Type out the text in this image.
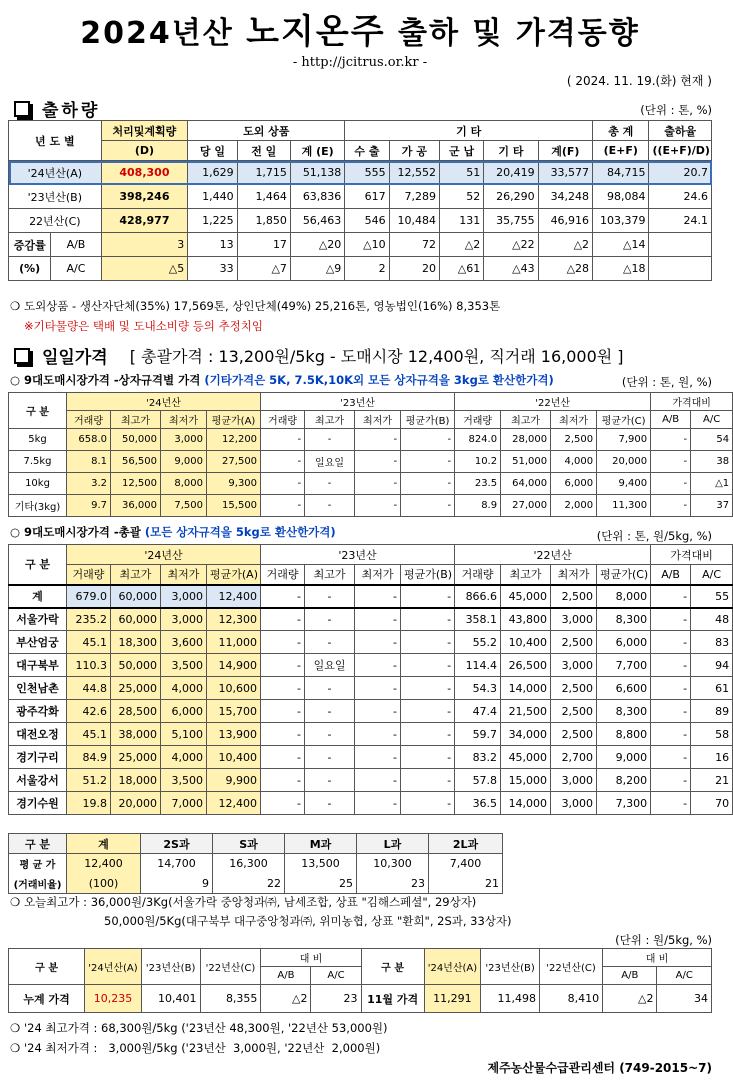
2024년산 노지온주 출하 및 가격동향
- http://jcitrus.or.kr -
( 2024. 11. 19.(화) 현재 )
출하량	(단위 : 톤, %)
년 도 별		처리및계획량	도외 상품			기 타					총 계	출하율
		(D)	당 일	전 일	계 (E)	수 출	가 공	군 납	기 타	계(F)	(E+F)	((E+F)/D)
'24년산(A)		408,300	1,629	1,715	51,138	555	12,552	51	20,419	33,577	84,715	20.7
'23년산(B)		398,246	1,440	1,464	63,836	617	7,289	52	26,290	34,248	98,084	24.6
22년산(C)		428,977	1,225	1,850	56,463	546	10,484	131	35,755	46,916	103,379	24.1
증감률	A/B	3	13	17	△20	△10	72	△2	△22	△2	△14	
(%)	A/C	△5	33	△7	△9	2	20	△61	△43	△28	△18	
❍ 도외상품 - 생산자단체(35%) 17,569톤, 상인단체(49%) 25,216톤, 영농법인(16%) 8,353톤
※기타물량은 택배 및 도내소비량 등의 추정치임
일일가격 [ 총괄가격 : 13,200원/5kg - 도매시장 12,400원, 직거래 16,000원 ]
○ 9대도매시장가격 -상자규격별 가격 (기타가격은 5K, 7.5K,10K외 모든 상자규격을 3kg로 환산한가격)	(단위 : 톤, 원, %)
구 분	'24년산				'23년산				'22년산				가격대비	
	거래량	최고가	최저가	평균가(A)	거래량	최고가	최저가	평균가(B)	거래량	최고가	최저가	평균가(C)	A/B	A/C
5kg	658.0	50,000	3,000	12,200	-	-	-	-	824.0	28,000	2,500	7,900	-	54
7.5kg	8.1	56,500	9,000	27,500	-	일요일	-	-	10.2	51,000	4,000	20,000	-	38
10kg	3.2	12,500	8,000	9,300	-	-	-	-	23.5	64,000	6,000	9,400	-	△1
기타(3kg)	9.7	36,000	7,500	15,500	-	-	-	-	8.9	27,000	2,000	11,300	-	37
○ 9대도매시장가격 -총괄 (모든 상자규격을 5kg로 환산한가격)	(단위 : 톤, 원/5kg, %)
구 분	'24년산				'23년산				'22년산				가격대비	
	거래량	최고가	최저가	평균가(A)	거래량	최고가	최저가	평균가(B)	거래량	최고가	최저가	평균가(C)	A/B	A/C
계	679.0	60,000	3,000	12,400	-	-	-	-	866.6	45,000	2,500	8,000	-	55
서울가락	235.2	60,000	3,000	12,300	-	-	-	-	358.1	43,800	3,000	8,300	-	48
부산엄궁	45.1	18,300	3,600	11,000	-	-	-	-	55.2	10,400	2,500	6,000	-	83
대구북부	110.3	50,000	3,500	14,900	-	일요일	-	-	114.4	26,500	3,000	7,700	-	94
인천남촌	44.8	25,000	4,000	10,600	-	-	-	-	54.3	14,000	2,500	6,600	-	61
광주각화	42.6	28,500	6,000	15,700	-	-	-	-	47.4	21,500	2,500	8,300	-	89
대전오정	45.1	38,000	5,100	13,900	-	-	-	-	59.7	34,000	2,500	8,800	-	58
경기구리	84.9	25,000	4,000	10,400	-	-	-	-	83.2	45,000	2,700	9,000	-	16
서울강서	51.2	18,000	3,500	9,900	-	-	-	-	57.8	15,000	3,000	8,200	-	21
경기수원	19.8	20,000	7,000	12,400	-	-	-	-	36.5	14,000	3,000	7,300	-	70
구 분	계	2S과	S과	M과	L과	2L과
평 균 가	12,400	14,700	16,300	13,500	10,300	7,400
(거래비율)	(100)	9	22	25	23	21
❍ 오늘최고가 : 36,000원/3Kg(서울가락 중앙청과㈜, 남세조합, 상표 "김해스페셜", 29상자)
50,000원/5Kg(대구북부 대구중앙청과㈜, 위미농협, 상표 "환희", 2S과, 33상자)
(단위 : 원/5kg, %)
구 분	'24년산(A)	'23년산(B)	'22년산(C)	대 비		구 분	'24년산(A)	'23년산(B)	'22년산(C)	대 비	
				A/B	A/C					A/B	A/C
누계 가격	10,235	10,401	8,355	△2	23	11월 가격	11,291	11,498	8,410	△2	34
❍ '24 최고가격 : 68,300원/5kg ('23년산 48,300원, '22년산 53,000원)
❍ '24 최저가격 :   3,000원/5kg ('23년산  3,000원, '22년산  2,000원)
제주농산물수급관리센터 (749-2015~7)
